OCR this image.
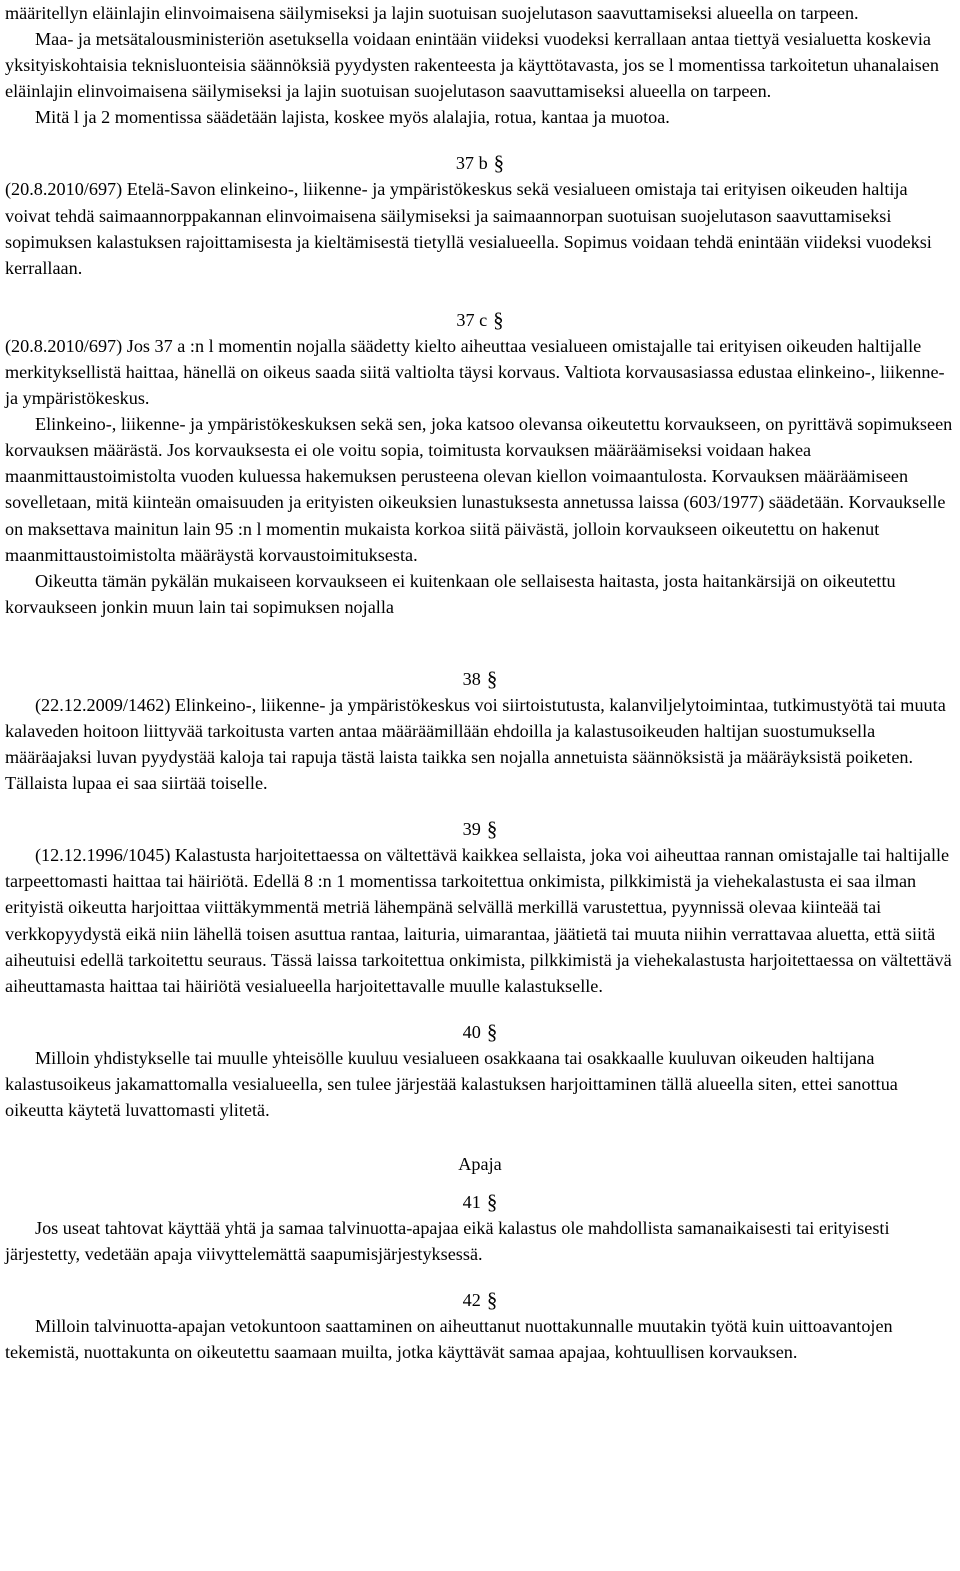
määritellyn eläinlajin elinvoimaisena säilymiseksi ja lajin suotuisan suojelutason saavuttamiseksi alueella on tarpeen.

Maa- ja metsätalousministeriön asetuksella voidaan enintään viideksi vuodeksi kerrallaan antaa tiettyä vesialuetta koskevia yksityiskohtaisia teknisluonteisia säännöksiä pyydysten rakenteesta ja käyttötavasta, jos se l momentissa tarkoitetun uhanalaisen eläinlajin elinvoimaisena säilymiseksi ja lajin suotuisan suojelutason saavuttamiseksi alueella on tarpeen.

Mitä l ja 2 momentissa säädetään lajista, koskee myös alalajia, rotua, kantaa ja muotoa.

37 b §

(20.8.2010/697) Etelä-Savon elinkeino-, liikenne- ja ympäristökeskus sekä vesialueen omistaja tai erityisen oikeuden haltija voivat tehdä saimaannorppakannan elinvoimaisena säilymiseksi ja saimaannorpan suotuisan suojelutason saavuttamiseksi sopimuksen kalastuksen rajoittamisesta ja kieltämisestä tietyllä vesialueella. Sopimus voidaan tehdä enintään viideksi vuodeksi kerrallaan.

37 c §

(20.8.2010/697) Jos 37 a :n l momentin nojalla säädetty kielto aiheuttaa vesialueen omistajalle tai erityisen oikeuden haltijalle merkityksellistä haittaa, hänellä on oikeus saada siitä valtiolta täysi korvaus. Valtiota korvausasiassa edustaa elinkeino-, liikenne- ja ympäristökeskus.

Elinkeino-, liikenne- ja ympäristökeskuksen sekä sen, joka katsoo olevansa oikeutettu korvaukseen, on pyrittävä sopimukseen korvauksen määrästä. Jos korvauksesta ei ole voitu sopia, toimitusta korvauksen määräämiseksi voidaan hakea maanmittaustoimistolta vuoden kuluessa hakemuksen perusteena olevan kiellon voimaantulosta. Korvauksen määräämiseen sovelletaan, mitä kiinteän omaisuuden ja erityisten oikeuksien lunastuksesta annetussa laissa (603/1977) säädetään. Korvaukselle on maksettava mainitun lain 95 :n l momentin mukaista korkoa siitä päivästä, jolloin korvaukseen oikeutettu on hakenut maanmittaustoimistolta määräystä korvaustoimituksesta.

Oikeutta tämän pykälän mukaiseen korvaukseen ei kuitenkaan ole sellaisesta haitasta, josta haitankärsijä on oikeutettu korvaukseen jonkin muun lain tai sopimuksen nojalla

38 §

(22.12.2009/1462) Elinkeino-, liikenne- ja ympäristökeskus voi siirtoistutusta, kalanviljelytoimintaa, tutkimustyötä tai muuta kalaveden hoitoon liittyvää tarkoitusta varten antaa määräämillään ehdoilla ja kalastusoikeuden haltijan suostumuksella määräajaksi luvan pyydystää kaloja tai rapuja tästä laista taikka sen nojalla annetuista säännöksistä ja määräyksistä poiketen. Tällaista lupaa ei saa siirtää toiselle.

39 §

(12.12.1996/1045) Kalastusta harjoitettaessa on vältettävä kaikkea sellaista, joka voi aiheuttaa rannan omistajalle tai haltijalle tarpeettomasti haittaa tai häiriötä. Edellä 8 :n 1 momentissa tarkoitettua onkimista, pilkkimistä ja viehekalastusta ei saa ilman erityistä oikeutta harjoittaa viittäkymmentä metriä lähempänä selvällä merkillä varustettua, pyynnissä olevaa kiinteää tai verkkopyydystä eikä niin lähellä toisen asuttua rantaa, laituria, uimarantaa, jäätietä tai muuta niihin verrattavaa aluetta, että siitä aiheutuisi edellä tarkoitettu seuraus. Tässä laissa tarkoitettua onkimista, pilkkimistä ja viehekalastusta harjoitettaessa on vältettävä aiheuttamasta haittaa tai häiriötä vesialueella harjoitettavalle muulle kalastukselle.

40 §

Milloin yhdistykselle tai muulle yhteisölle kuuluu vesialueen osakkaana tai osakkaalle kuuluvan oikeuden haltijana kalastusoikeus jakamattomalla vesialueella, sen tulee järjestää kalastuksen harjoittaminen tällä alueella siten, ettei sanottua oikeutta käytetä luvattomasti ylitetä.

Apaja
41 §

Jos useat tahtovat käyttää yhtä ja samaa talvinuotta-apajaa eikä kalastus ole mahdollista samanaikaisesti tai erityisesti järjestetty, vedetään apaja viivyttelemättä saapumisjärjestyksessä.

42 §

Milloin talvinuotta-apajan vetokuntoon saattaminen on aiheuttanut nuottakunnalle muutakin työtä kuin uittoavantojen tekemistä, nuottakunta on oikeutettu saamaan muilta, jotka käyttävät samaa apajaa, kohtuullisen korvauksen.
